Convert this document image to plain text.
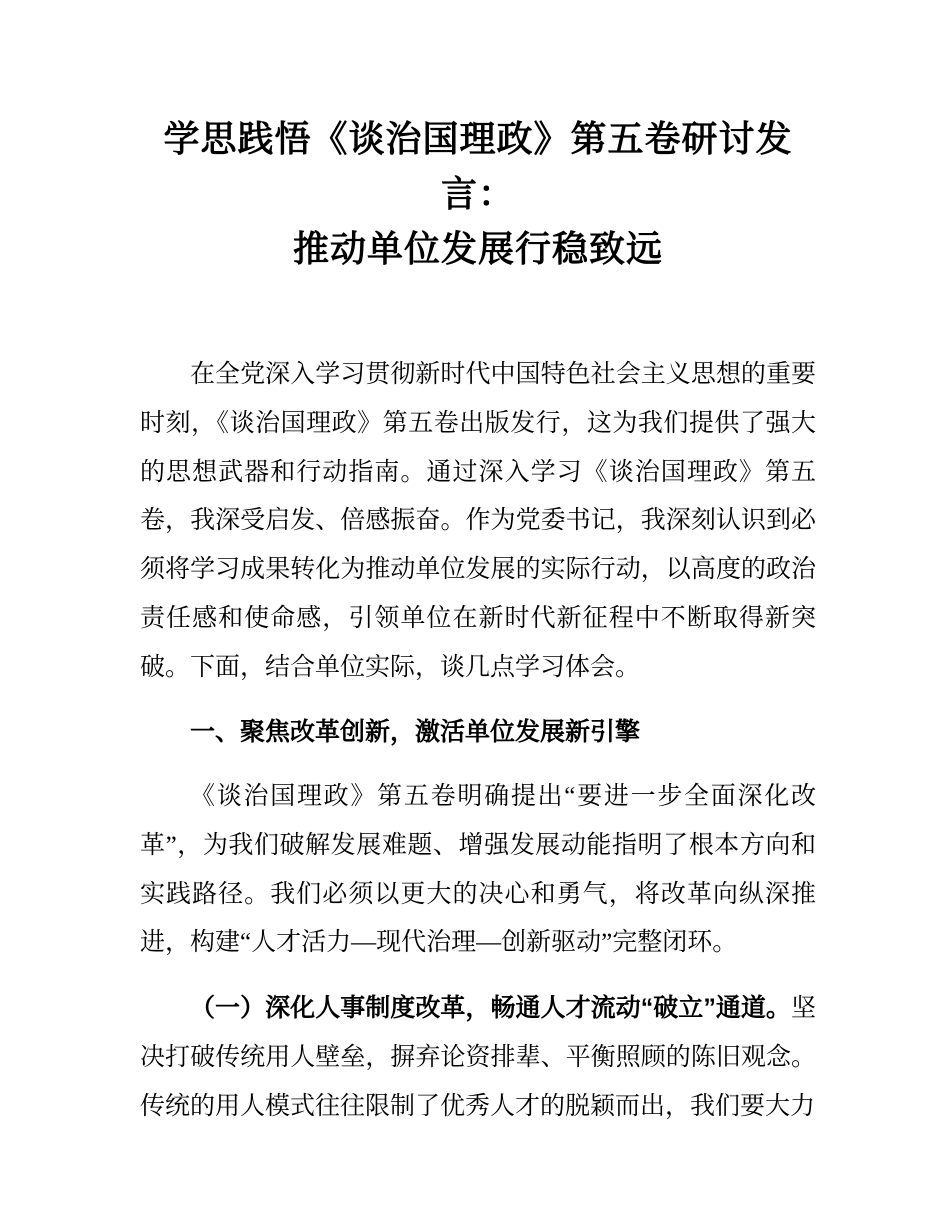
学思践悟《谈治国理政》第五卷研讨发言：
推动单位发展行稳致远

在全党深入学习贯彻新时代中国特色社会主义思想的重要时刻，《谈治国理政》第五卷出版发行，这为我们提供了强大的思想武器和行动指南。通过深入学习《谈治国理政》第五卷，我深受启发、倍感振奋。作为党委书记，我深刻认识到必须将学习成果转化为推动单位发展的实际行动，以高度的政治责任感和使命感，引领单位在新时代新征程中不断取得新突破。下面，结合单位实际，谈几点学习体会。

一、聚焦改革创新，激活单位发展新引擎

《谈治国理政》第五卷明确提出“要进一步全面深化改革”，为我们破解发展难题、增强发展动能指明了根本方向和实践路径。我们必须以更大的决心和勇气，将改革向纵深推进，构建“人才活力—现代治理—创新驱动”完整闭环。

（一）深化人事制度改革，畅通人才流动“破立”通道。坚决打破传统用人壁垒，摒弃论资排辈、平衡照顾的陈旧观念。传统的用人模式往往限制了优秀人才的脱颖而出，我们要大力
